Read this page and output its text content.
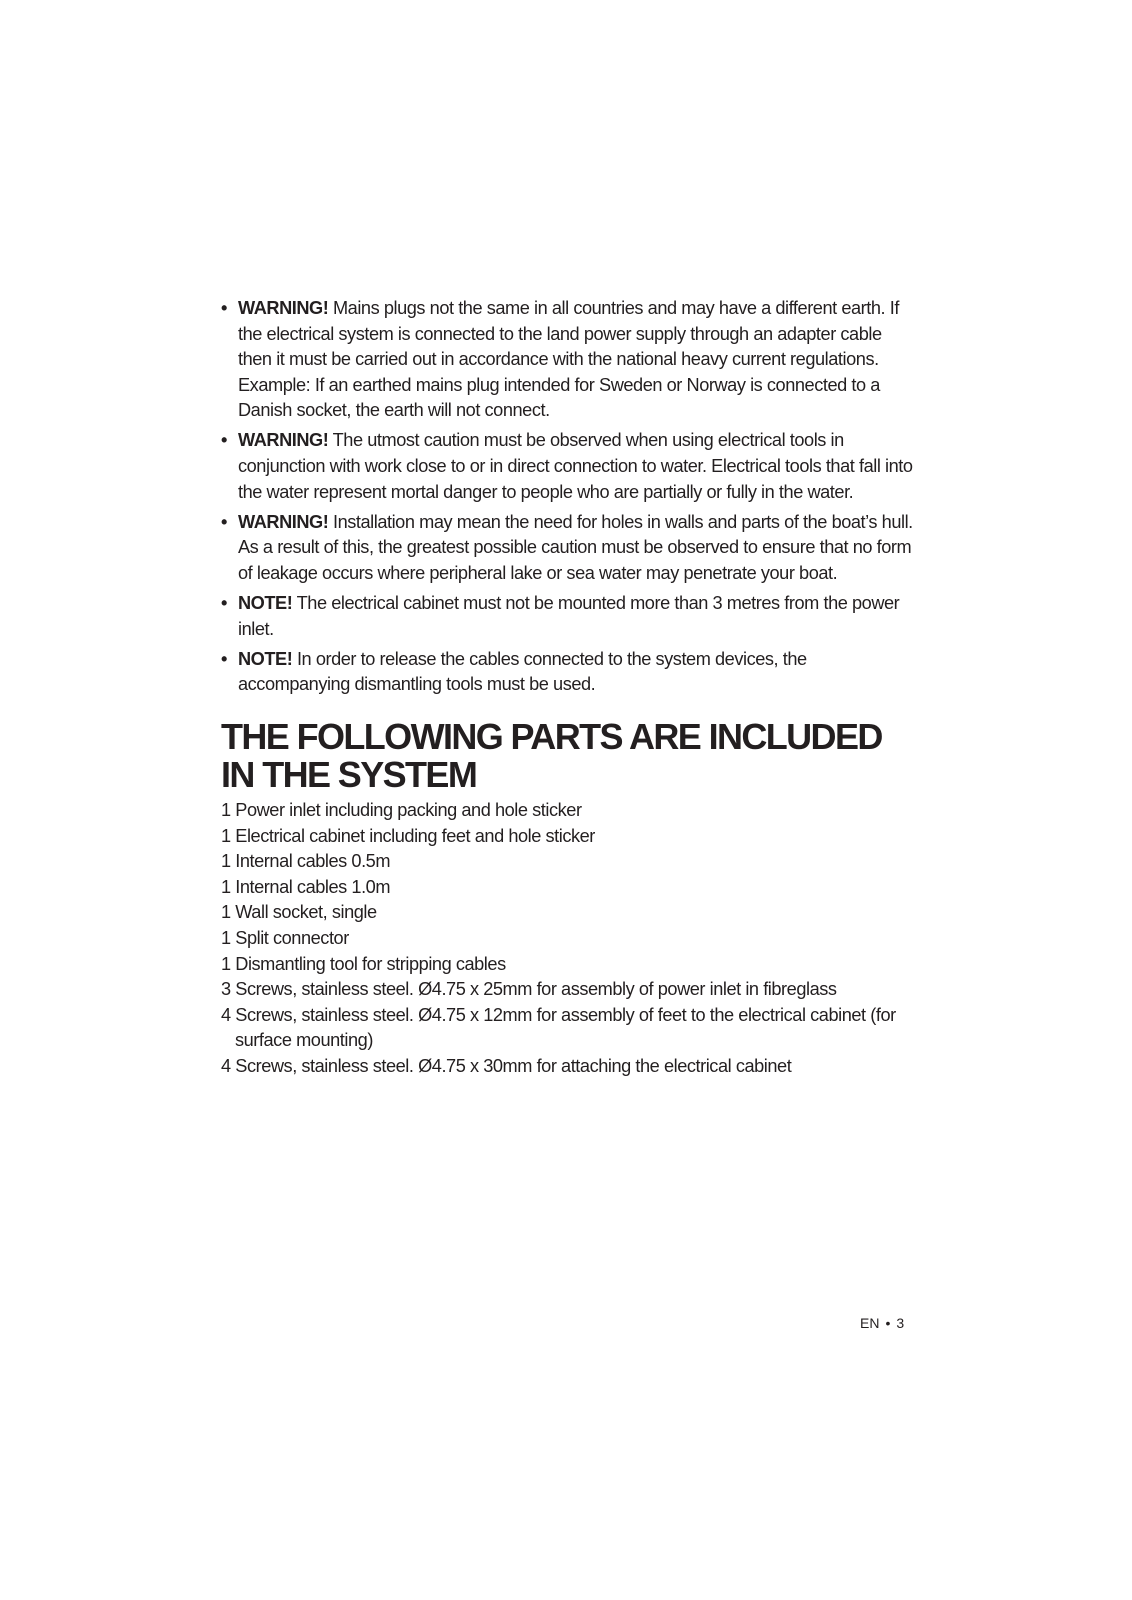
• WARNING! Mains plugs not the same in all countries and may have a different earth. If the electrical system is connected to the land power supply through an adapter cable then it must be carried out in accordance with the national heavy current regulations. Example: If an earthed mains plug intended for Sweden or Norway is connected to a Danish socket, the earth will not connect.
• WARNING! The utmost caution must be observed when using electrical tools in conjunction with work close to or in direct connection to water. Electrical tools that fall into the water represent mortal danger to people who are partially or fully in the water.
• WARNING! Installation may mean the need for holes in walls and parts of the boat’s hull. As a result of this, the greatest possible caution must be observed to ensure that no form of leakage occurs where peripheral lake or sea water may penetrate your boat.
• NOTE! The electrical cabinet must not be mounted more than 3 metres from the power inlet.
• NOTE! In order to release the cables connected to the system devices, the accompanying dismantling tools must be used.
THE FOLLOWING PARTS ARE INCLUDED IN THE SYSTEM
1 Power inlet including packing and hole sticker
1 Electrical cabinet including feet and hole sticker
1 Internal cables 0.5m
1 Internal cables 1.0m
1 Wall socket, single
1 Split connector
1 Dismantling tool for stripping cables
3 Screws, stainless steel. Ø4.75 x 25mm for assembly of power inlet in fibreglass
4 Screws, stainless steel. Ø4.75 x 12mm for assembly of feet to the electrical cabinet (for surface mounting)
4 Screws, stainless steel. Ø4.75 x 30mm for attaching the electrical cabinet
EN • 3
